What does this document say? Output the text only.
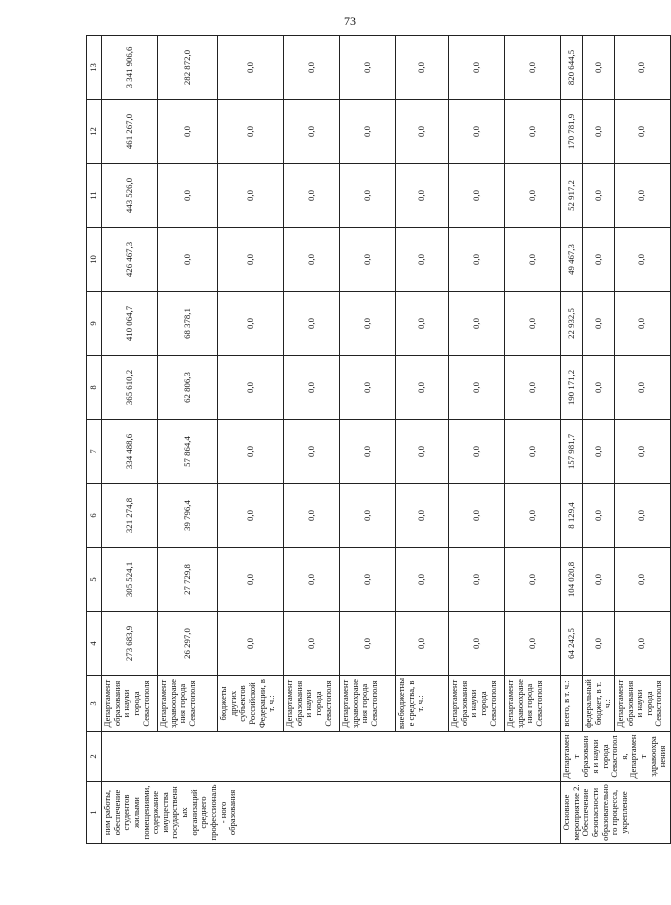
73
1	2	3	4	5	6	7	8	9	10	11	12	13
ним работы, обеспечение студентов жилыми помещениями, содержание имущества государственных организаций среднего профессиональ- ного образования		Департамент образования и науки города Севастополя	273 683,9	305 524,1	321 274,8	334 488,6	365 610,2	410 064,7	426 467,3	443 526,0	461 267,0	3 341 906,6
		Департамент здравоохранения города Севастополя	26 297,0	27 729,8	39 796,4	57 864,4	62 806,3	68 378,1	0,0	0,0	0,0	282 872,0
		бюджеты других субъектов Российской Федерации, в т. ч.:	0,0	0,0	0,0	0,0	0,0	0,0	0,0	0,0	0,0	0,0
		Департамент образования и науки города Севастополя	0,0	0,0	0,0	0,0	0,0	0,0	0,0	0,0	0,0	0,0
		Департамент здравоохранения города Севастополя	0,0	0,0	0,0	0,0	0,0	0,0	0,0	0,0	0,0	0,0
		внебюджетные средства, в т. ч.:	0,0	0,0	0,0	0,0	0,0	0,0	0,0	0,0	0,0	0,0
		Департамент образования и науки города Севастополя	0,0	0,0	0,0	0,0	0,0	0,0	0,0	0,0	0,0	0,0
		Департамент здравоохранения города Севастополя	0,0	0,0	0,0	0,0	0,0	0,0	0,0	0,0	0,0	0,0
Основное мероприятие 2. Обеспечение безопасности образовательного процесса, укрепление	Департамент образования и науки города Севастополя, Департамент здравоохранения	всего, в т. ч.:	64 242,5	104 020,8	8 129,4	157 981,7	190 171,2	22 932,5	49 467,3	52 917,2	170 781,9	820 644,5
		федеральный бюджет, в т. ч.:	0,0	0,0	0,0	0,0	0,0	0,0	0,0	0,0	0,0	0,0
		Департамент образования и науки города Севастополя	0,0	0,0	0,0	0,0	0,0	0,0	0,0	0,0	0,0	0,0
